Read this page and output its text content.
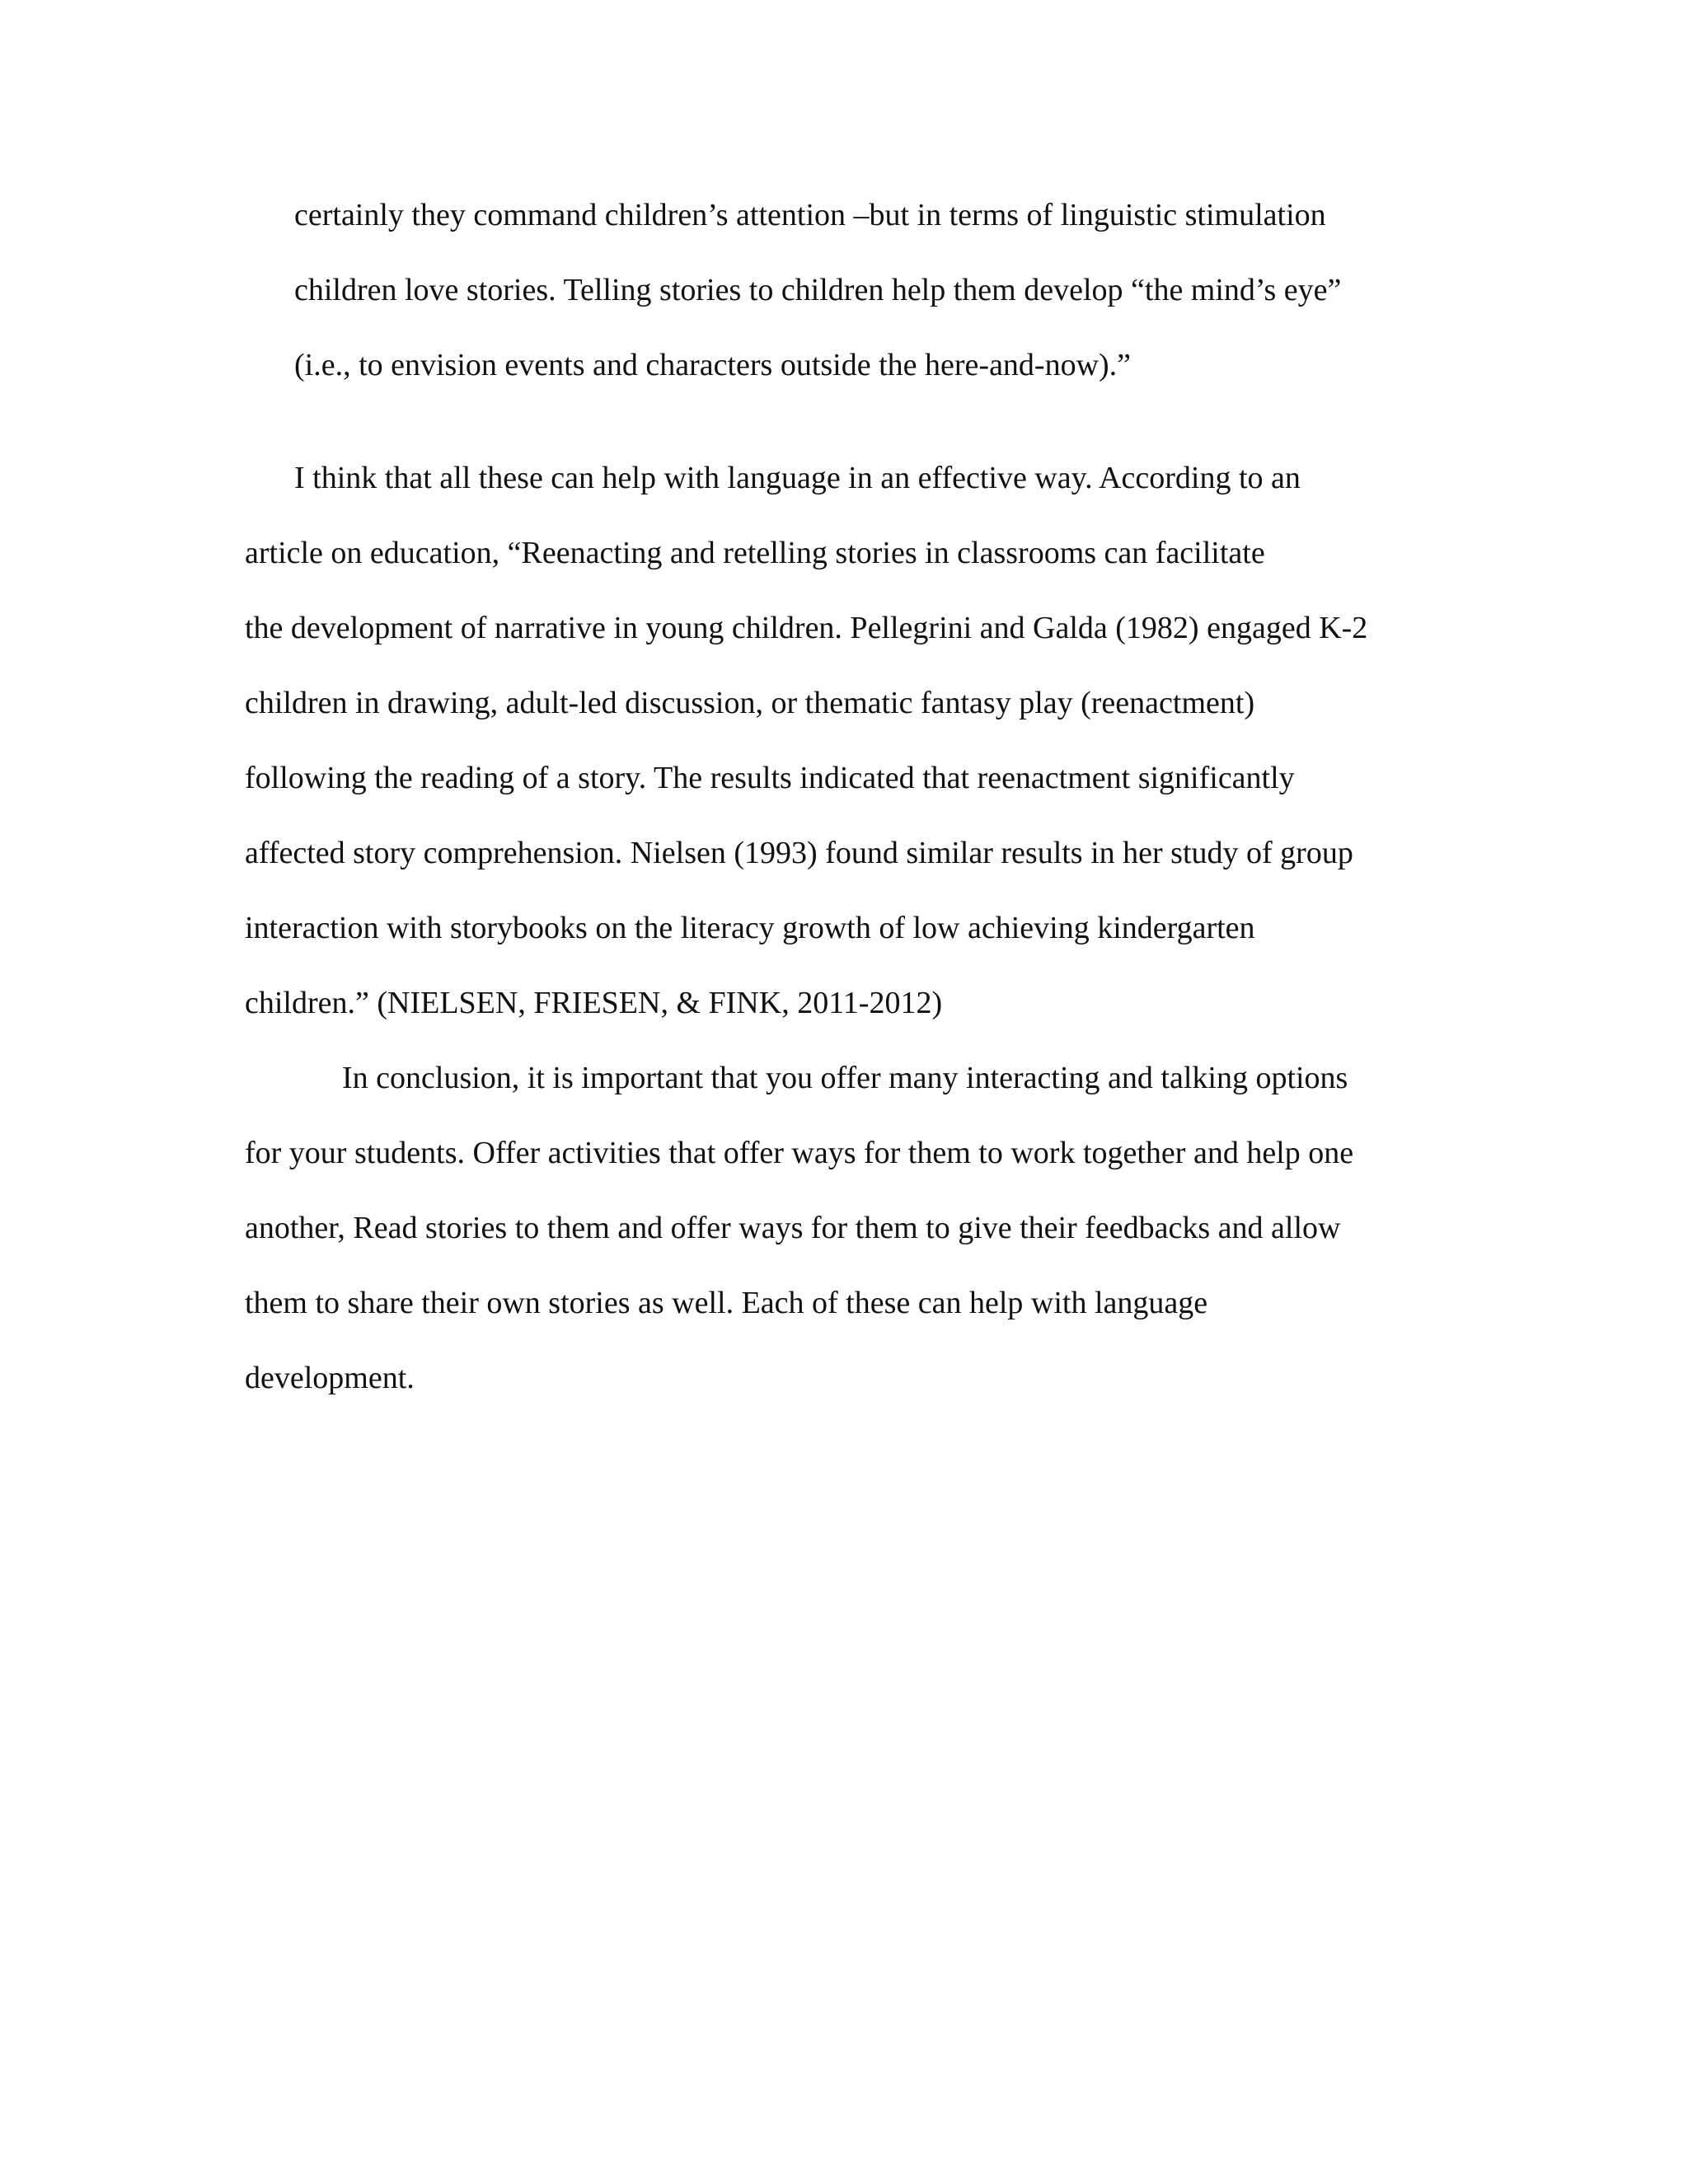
certainly they command children’s attention –but in terms of linguistic stimulation

children love stories. Telling stories to children help them develop “the mind’s eye”

(i.e., to envision events and characters outside the here-and-now).”

I think that all these can help with language in an effective way. According to an

article on education, “Reenacting and retelling stories in classrooms can facilitate

the development of narrative in young children. Pellegrini and Galda (1982) engaged K-2

children in drawing, adult-led discussion, or thematic fantasy play (reenactment)

following the reading of a story. The results indicated that reenactment significantly

affected story comprehension. Nielsen (1993) found similar results in her study of group

interaction with storybooks on the literacy growth of low achieving kindergarten

children.” (NIELSEN, FRIESEN, & FINK, 2011-2012)

In conclusion, it is important that you offer many interacting and talking options

for your students. Offer activities that offer ways for them to work together and help one

another, Read stories to them and offer ways for them to give their feedbacks and allow

them to share their own stories as well. Each of these can help with language

development.
